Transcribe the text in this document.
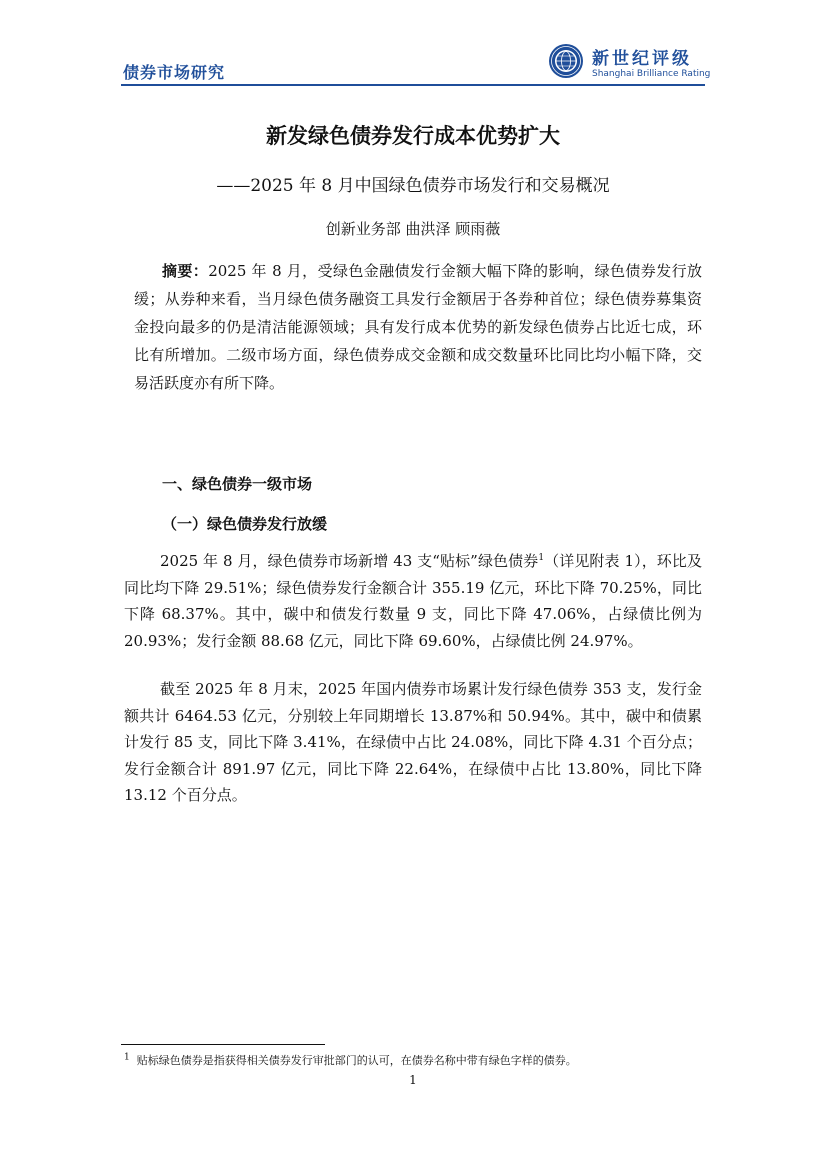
债券市场研究
新世纪评级
Shanghai Brilliance Rating
新发绿色债券发行成本优势扩大
——2025 年 8 月中国绿色债券市场发行和交易概况
创新业务部 曲洪泽 顾雨薇
摘要：2025 年 8 月，受绿色金融债发行金额大幅下降的影响，绿色债券发行放缓；从券种来看，当月绿色债务融资工具发行金额居于各券种首位；绿色债券募集资金投向最多的仍是清洁能源领域；具有发行成本优势的新发绿色债券占比近七成，环比有所增加。二级市场方面，绿色债券成交金额和成交数量环比同比均小幅下降，交易活跃度亦有所下降。
一、绿色债券一级市场
（一）绿色债券发行放缓
2025 年 8 月，绿色债券市场新增 43 支“贴标”绿色债券$^1$（详见附表 1），环比及同比均下降 29.51%；绿色债券发行金额合计 355.19 亿元，环比下降 70.25%，同比下降 68.37%。其中，碳中和债发行数量 9 支，同比下降 47.06%，占绿债比例为 20.93%；发行金额 88.68 亿元，同比下降 69.60%，占绿债比例 24.97%。
截至 2025 年 8 月末，2025 年国内债券市场累计发行绿色债券 353 支，发行金额共计 6464.53 亿元，分别较上年同期增长 13.87%和 50.94%。其中，碳中和债累计发行 85 支，同比下降 3.41%，在绿债中占比 24.08%，同比下降 4.31 个百分点；发行金额合计 891.97 亿元，同比下降 22.64%，在绿债中占比 13.80%，同比下降 13.12 个百分点。
$^1$ 贴标绿色债券是指获得相关债券发行审批部门的认可，在债券名称中带有绿色字样的债券。
1
